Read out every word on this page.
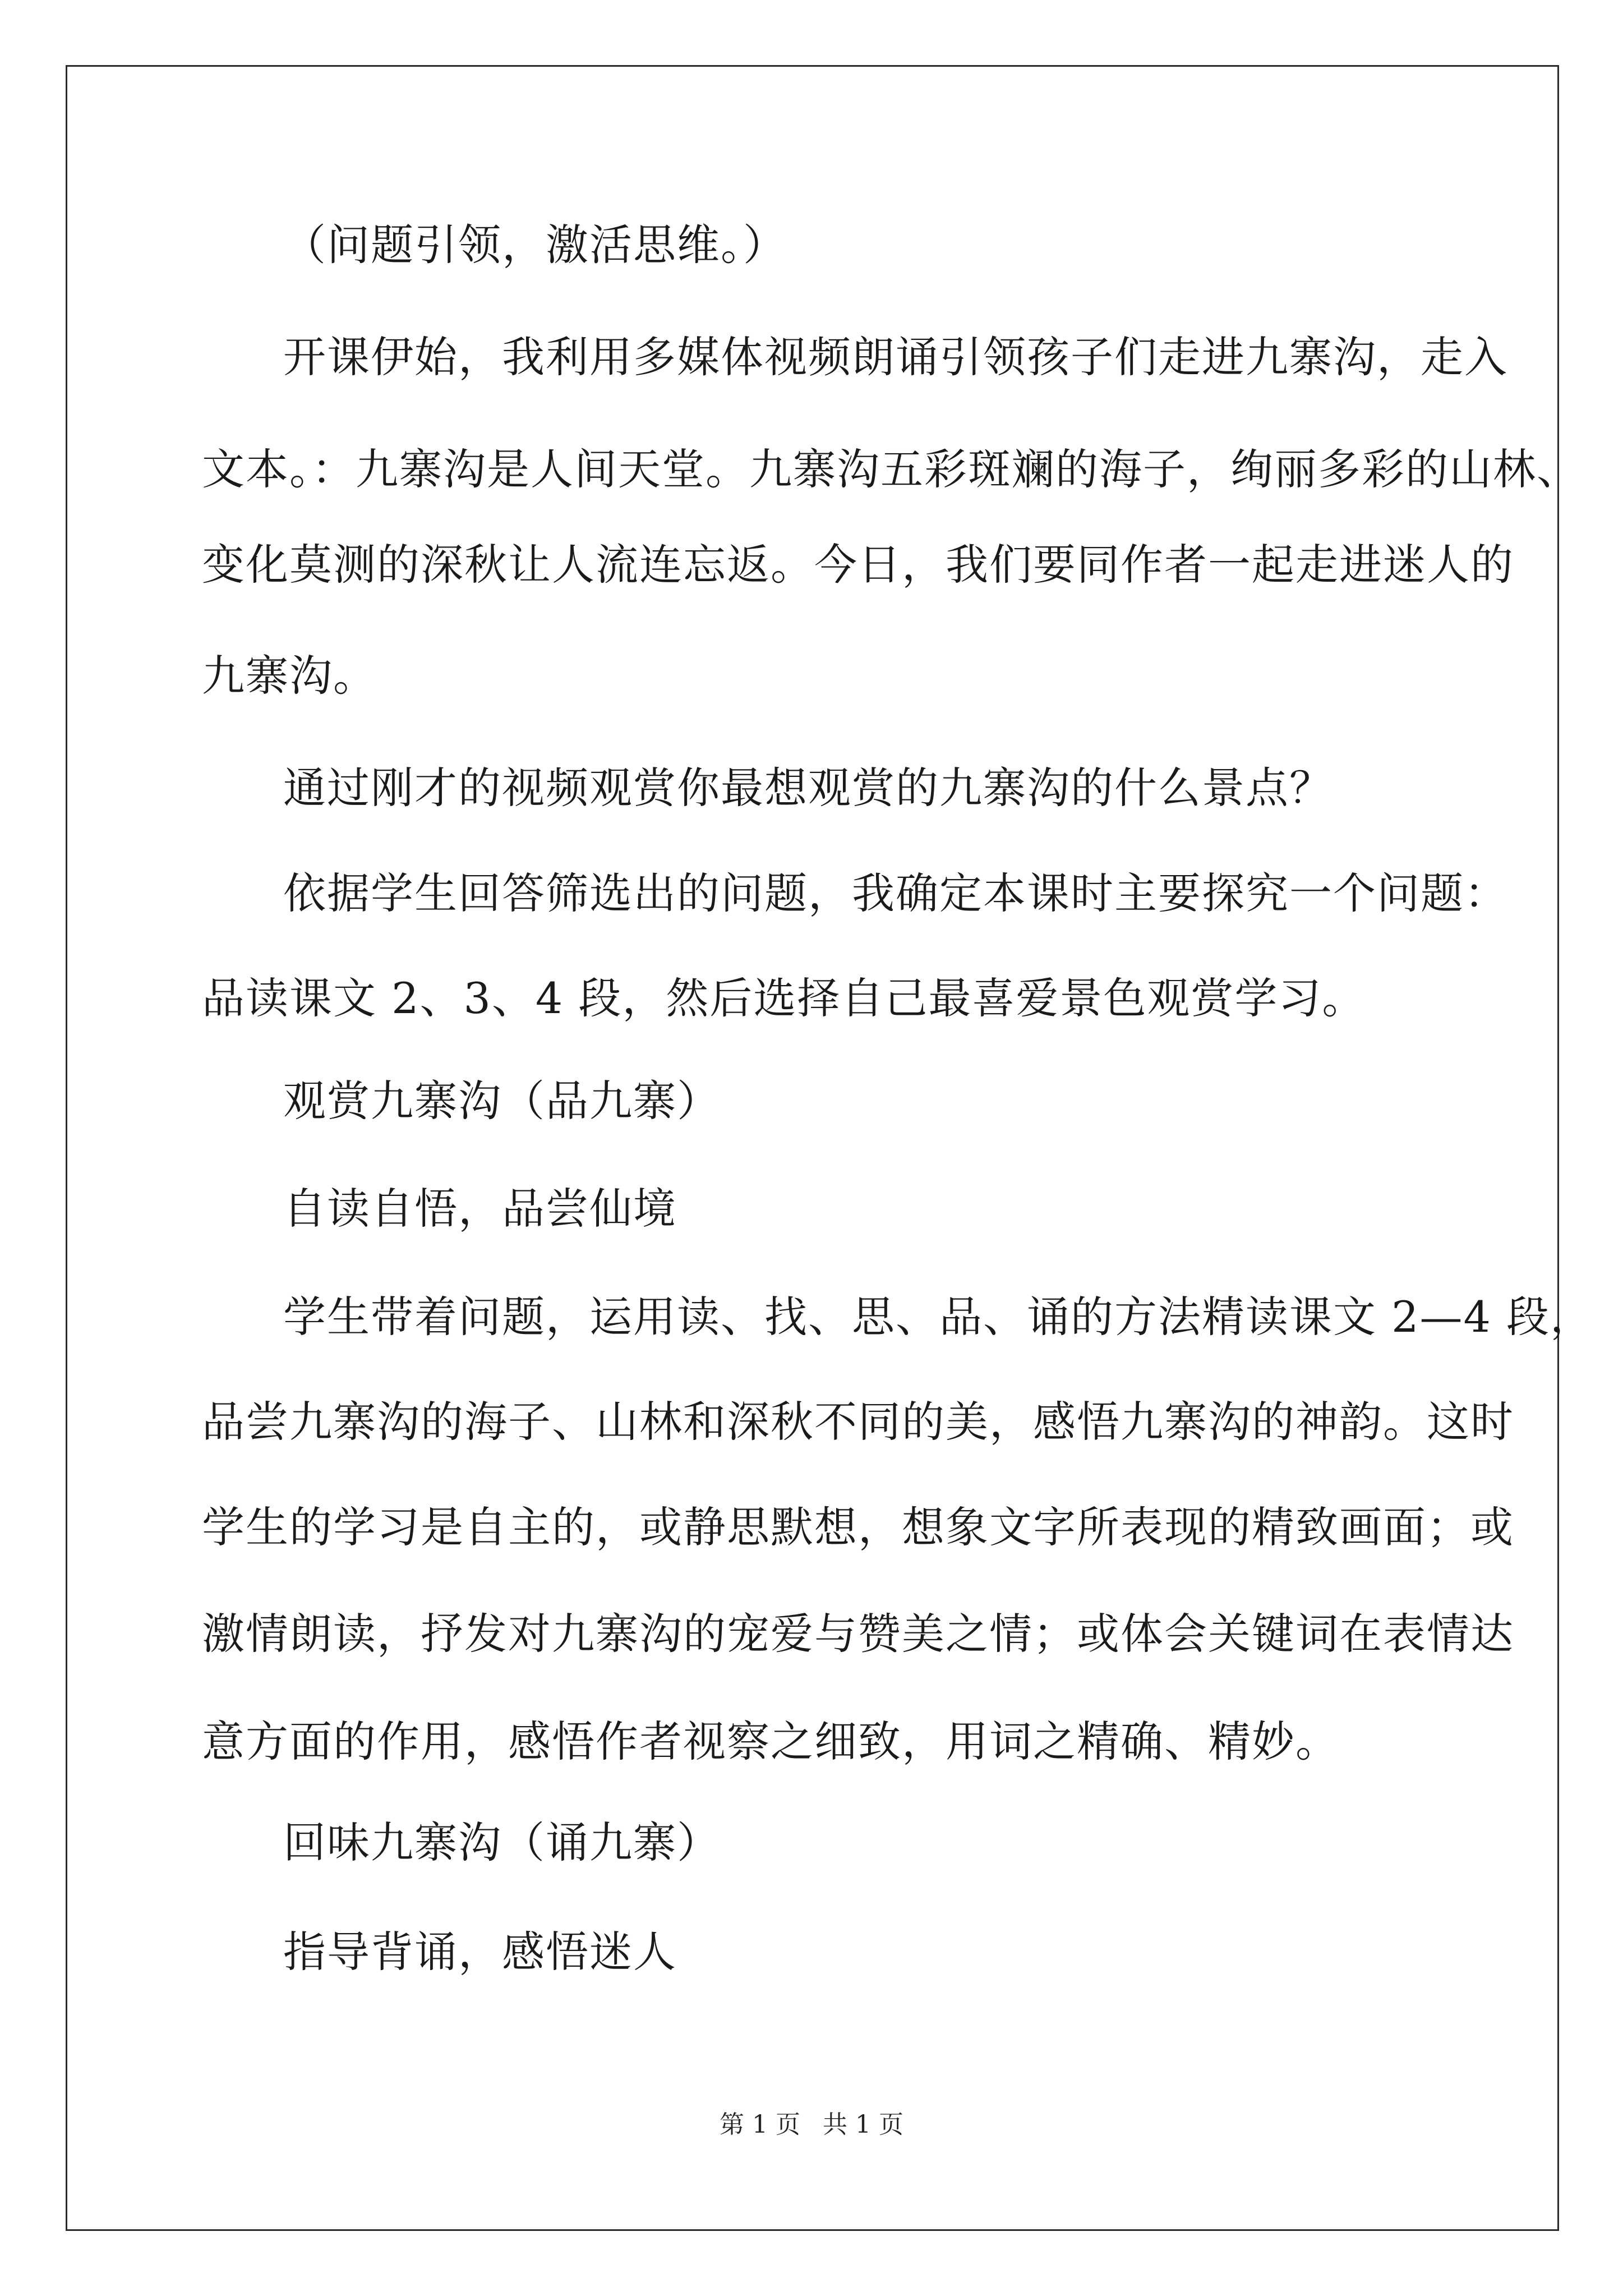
（问题引领，激活思维。）
开课伊始，我利用多媒体视频朗诵引领孩子们走进九寨沟，走入
文本。：九寨沟是人间天堂。九寨沟五彩斑斓的海子，绚丽多彩的山林、
变化莫测的深秋让人流连忘返。今日，我们要同作者一起走进迷人的
九寨沟。
通过刚才的视频观赏你最想观赏的九寨沟的什么景点？
依据学生回答筛选出的问题，我确定本课时主要探究一个问题：
品读课文 2、3、4 段，然后选择自己最喜爱景色观赏学习。
观赏九寨沟（品九寨）
自读自悟，品尝仙境
学生带着问题，运用读、找、思、品、诵的方法精读课文 2—4 段，
品尝九寨沟的海子、山林和深秋不同的美，感悟九寨沟的神韵。这时
学生的学习是自主的，或静思默想，想象文字所表现的精致画面；或
激情朗读，抒发对九寨沟的宠爱与赞美之情；或体会关键词在表情达
意方面的作用，感悟作者视察之细致，用词之精确、精妙。
回味九寨沟（诵九寨）
指导背诵，感悟迷人
第 1 页 共 1 页
